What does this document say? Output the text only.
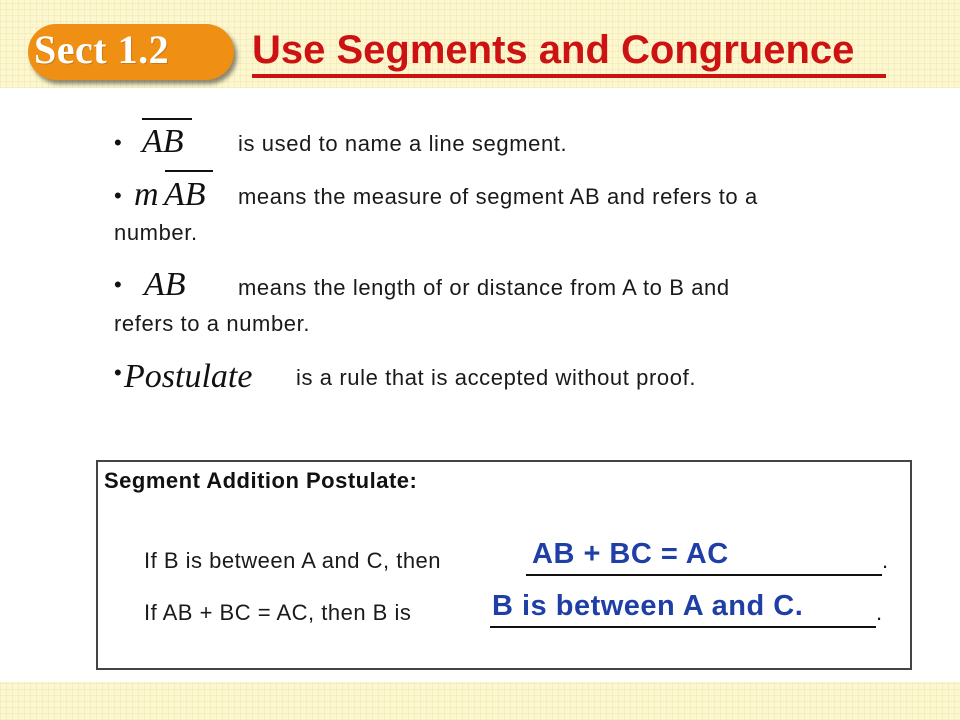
Sect 1.2 Use Segments and Congruence
• AB is used to name a line segment.
• m AB means the measure of segment AB and refers to a
number.
• AB means the length of or distance from A to B and
refers to a number.
• Postulate is a rule that is accepted without proof.
Segment Addition Postulate:
If B is between A and C, then	AB + BC = AC	.
If AB + BC = AC, then B is	B is between A and C.	.
